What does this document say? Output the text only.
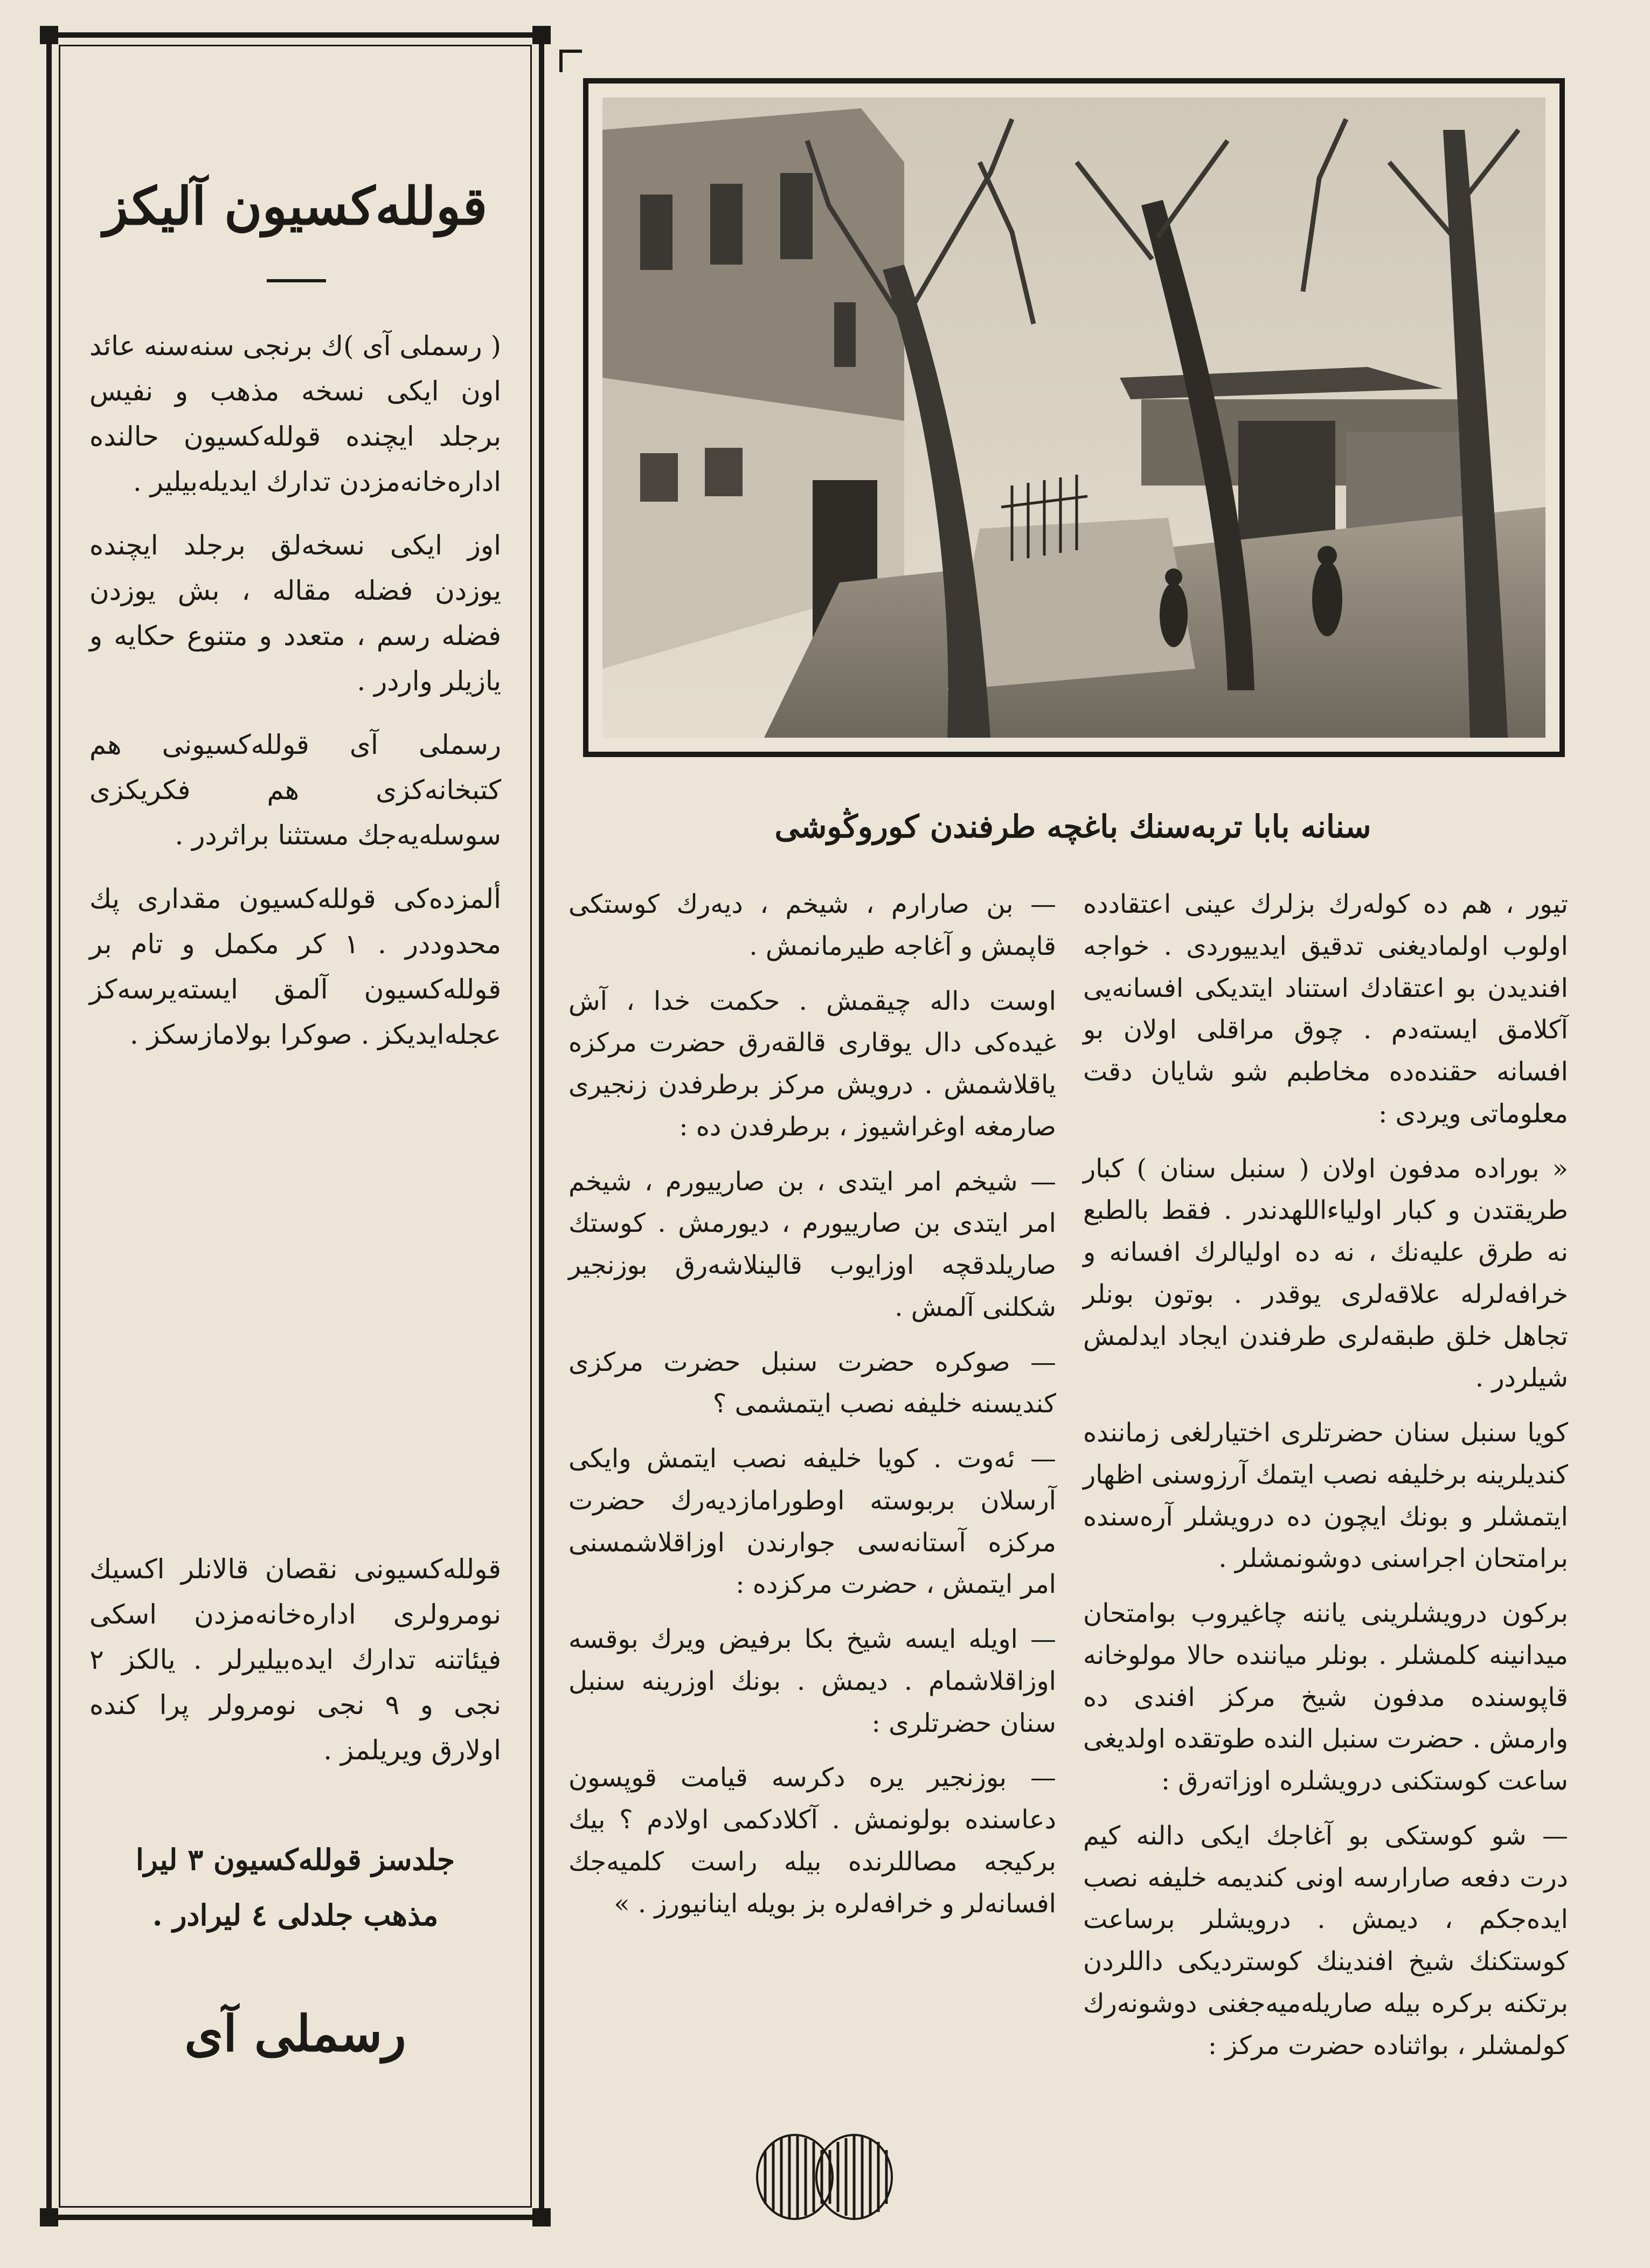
قولله‌كسيون آليكز

( رسملی آی )ك برنجی سنه‌سنه عائد اون ایكی نسخه مذهب و نفیس برجلد ایچنده قولله‌كسیون حالنده اداره‌خانه‌مزدن تدارك ایدیله‌بیلیر .

اوز ایكی نسخه‌لق برجلد ایچنده یوزدن فضله مقاله ، بش یوزدن فضله رسم ، متعدد و متنوع حكایه و یازیلر واردر .

رسملی آی قولله‌كسیونی هم كتبخانه‌كزی هم فكریكزی سوسله‌یه‌جك مستثنا براثردر .

ألمزده‌كی قولله‌كسیون مقداری پك محدوددر . ١ كر مكمل و تام بر قولله‌كسیون آلمق ایسته‌یرسه‌كز عجله‌ایدیكز . صوكرا بولامازسكز .

قولله‌كسیونی نقصان قالانلر اكسیك نومرولری اداره‌خانه‌مزدن اسكی فیئاتنه تدارك ایده‌بیلیرلر . یالكز ٢ نجی و ٩ نجی نومرولر پرا كنده اولارق ویریلمز .

جلدسز قولله‌كسیون ٣ لیرا
مذهب جلدلی ٤ لیرادر .
رسملی آی
سنانه بابا تربه‌سنك باغچه طرفندن كوروڭوشی

تیور ، هم ده كوله‌رك بزلرك عینی اعتقادده اولوب اولمادیغنی تدقیق ایدییوردی . خواجه افندیدن بو اعتقادك استناد ایتدیكی افسانه‌یی آكلامق ایسته‌دم . چوق مراقلی اولان بو افسانه حقنده‌ده مخاطبم شو شایان دقت معلوماتی ویردی :

« بوراده مدفون اولان ( سنبل سنان ) كبار طریقتدن و كبار اولیاءاللهدندر . فقط بالطبع نه طرق علیه‌نك ، نه ده اولیالرك افسانه و خرافه‌لرله علاقه‌لری یوقدر . بوتون بونلر تجاهل خلق طبقه‌لری طرفندن ایجاد ایدلمش شیلردر .

كویا سنبل سنان حضرتلری اختیارلغی زماننده كندیلرینه برخلیفه نصب ایتمك آرزوسنی اظهار ایتمشلر و بونك ایچون ده درویشلر آره‌سنده برامتحان اجراسنی دوشونمشلر .

بركون درویشلرینی یاننه چاغیروب بوامتحان میدانینه كلمشلر . بونلر میاننده حالا مولوخانه قاپوسنده مدفون شیخ مركز افندی ده وارمش . حضرت سنبل النده طوتقده اولدیغی ساعت كوستكنی درویشلره اوزاته‌رق :

— شو كوستكی بو آغاجك ایكی دالنه كیم درت دفعه صارارسه اونی كندیمه خلیفه نصب ایده‌جكم ، دیمش . درویشلر برساعت كوستكنك شیخ افندینك كوستردیكی داللردن برتكنه بركره بیله صاریله‌میه‌جغنی دوشونه‌رك كولمشلر ، بواثناده حضرت مركز :

— بن صارارم ، شیخم ، دیه‌رك كوستكی قاپمش و آغاجه طیرمانمش .

اوست داله چیقمش . حكمت خدا ، آش غیده‌كی دال یوقاری قالقه‌رق حضرت مركزه یاقلاشمش . درویش مركز برطرفدن زنجیری صارمغه اوغراشیوز ، برطرفدن ده :

— شیخم امر ایتدی ، بن صارییورم ، شیخم امر ایتدی بن صارییورم ، دیورمش . كوستك صاریلدقچه اوزایوب قالینلاشه‌رق بوزنجیر شكلنی آلمش .

— صوكره حضرت سنبل حضرت مركزی كندیسنه خلیفه نصب ایتمشمی ؟

— ئه‌وت . كویا خلیفه نصب ایتمش وایكی آرسلان بربوسته اوطورامازدیه‌رك حضرت مركزه آستانه‌سی جوارندن اوزاقلاشمسنی امر ایتمش ، حضرت مركزده :

— اویله ایسه شیخ بكا برفیض ویرك بوقسه اوزاقلاشمام . دیمش . بونك اوزرینه سنبل سنان حضرتلری :

— بوزنجیر یره دكرسه قیامت قوپسون دعاسنده بولونمش . آكلادكمی اولادم ؟ بیك بركیجه مصاللرنده بیله راست كلمیه‌جك افسانه‌لر و خرافه‌لره بز بویله اینانیورز . »
